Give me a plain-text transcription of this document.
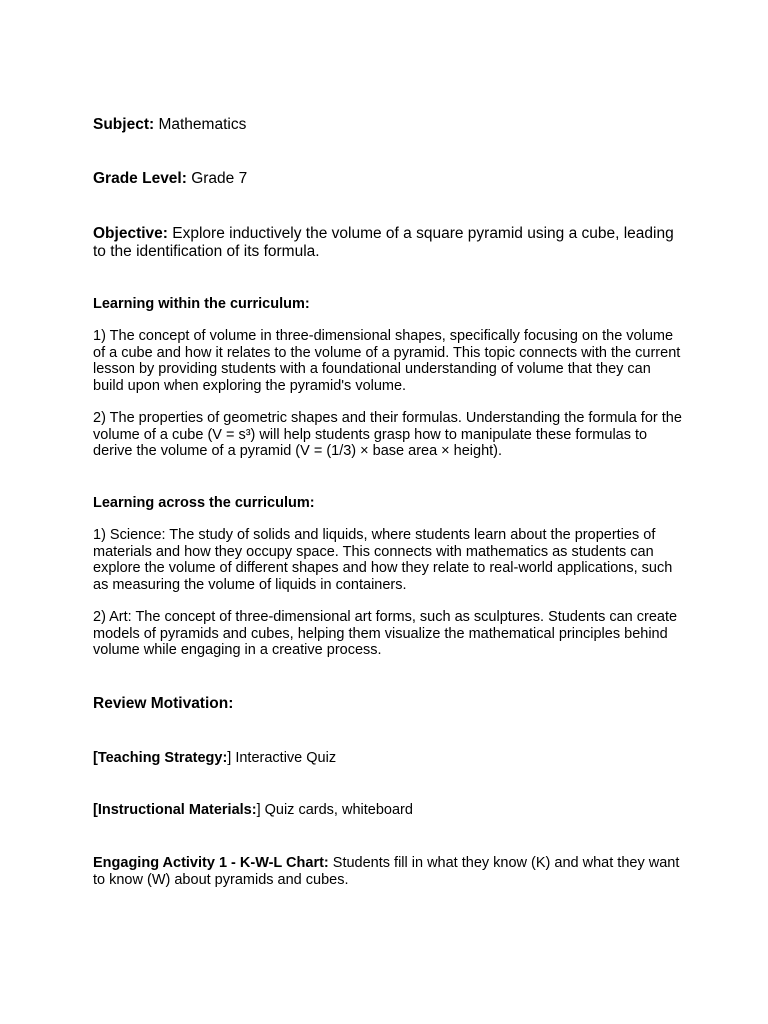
Subject: Mathematics

Grade Level: Grade 7

Objective: Explore inductively the volume of a square pyramid using a cube, leading to the identification of its formula.

Learning within the curriculum:

1) The concept of volume in three-dimensional shapes, specifically focusing on the volume of a cube and how it relates to the volume of a pyramid. This topic connects with the current lesson by providing students with a foundational understanding of volume that they can build upon when exploring the pyramid's volume.

2) The properties of geometric shapes and their formulas. Understanding the formula for the volume of a cube (V = s³) will help students grasp how to manipulate these formulas to derive the volume of a pyramid (V = (1/3) × base area × height).

Learning across the curriculum:

1) Science: The study of solids and liquids, where students learn about the properties of materials and how they occupy space. This connects with mathematics as students can explore the volume of different shapes and how they relate to real-world applications, such as measuring the volume of liquids in containers.

2) Art: The concept of three-dimensional art forms, such as sculptures. Students can create models of pyramids and cubes, helping them visualize the mathematical principles behind volume while engaging in a creative process.

Review Motivation:

[Teaching Strategy:] Interactive Quiz

[Instructional Materials:] Quiz cards, whiteboard

Engaging Activity 1 - K-W-L Chart: Students fill in what they know (K) and what they want to know (W) about pyramids and cubes.
